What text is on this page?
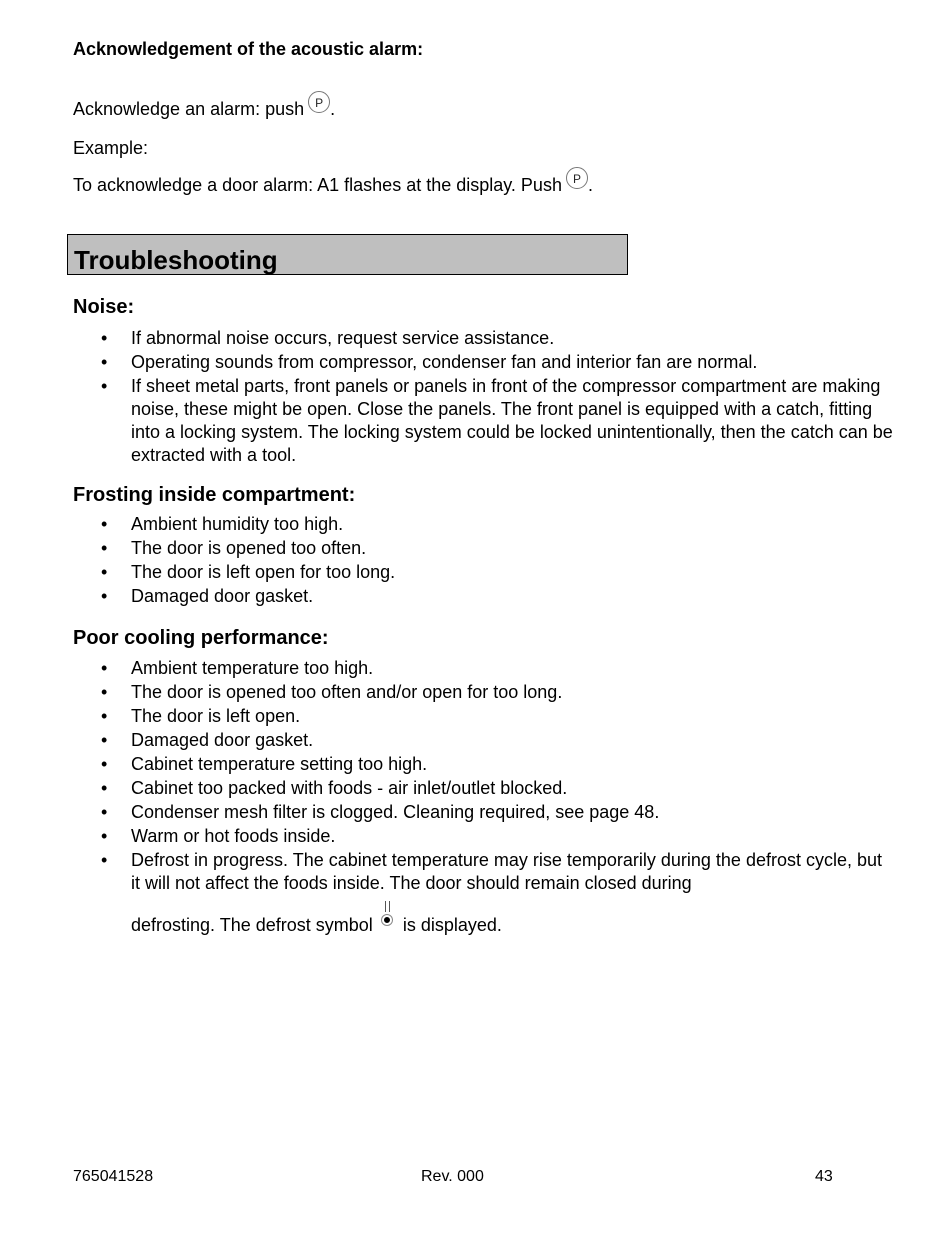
Acknowledgement of the acoustic alarm:
Acknowledge an alarm: push P .
Example:
To acknowledge a door alarm: A1 flashes at the display. Push P .
Troubleshooting
Noise:
• If abnormal noise occurs, request service assistance.
• Operating sounds from compressor, condenser fan and interior fan are normal.
• If sheet metal parts, front panels or panels in front of the compressor compartment are making noise, these might be open. Close the panels. The front panel is equipped with a catch, fitting into a locking system. The locking system could be locked unintentionally, then the catch can be extracted with a tool.
Frosting inside compartment:
• Ambient humidity too high.
• The door is opened too often.
• The door is left open for too long.
• Damaged door gasket.
Poor cooling performance:
• Ambient temperature too high.
• The door is opened too often and/or open for too long.
• The door is left open.
• Damaged door gasket.
• Cabinet temperature setting too high.
• Cabinet too packed with foods - air inlet/outlet blocked.
• Condenser mesh filter is clogged. Cleaning required, see page 48.
• Warm or hot foods inside.
• Defrost in progress. The cabinet temperature may rise temporarily during the defrost cycle, but it will not affect the foods inside. The door should remain closed during
defrosting. The defrost symbol is displayed.
765041528	Rev. 000	43
